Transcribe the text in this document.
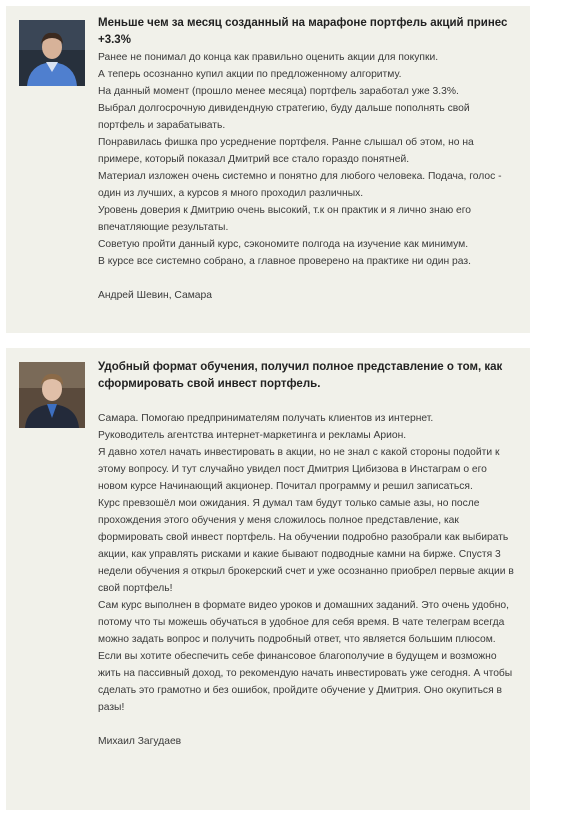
Меньше чем за месяц созданный на марафоне портфель акций принес +3.3%

Ранее не понимал до конца как правильно оценить акции для покупки.

А теперь осознанно купил акции по предложенному алгоритму.

На данный момент (прошло менее месяца) портфель заработал уже 3.3%.

Выбрал долгосрочную дивидендную стратегию, буду дальше пополнять свой портфель и зарабатывать.

Понравилась фишка про усреднение портфеля. Ранне слышал об этом, но на примере, который показал Дмитрий все стало гораздо понятней.

Материал изложен очень системно и понятно для любого человека. Подача, голос - один из лучших, а курсов я много проходил различных.

Уровень доверия к Дмитрию очень высокий, т.к он практик и я лично знаю его впечатляющие результаты.

Советую пройти данный курс, сэкономите полгода на изучение как минимум.

В курсе все системно собрано, а главное проверено на практике ни один раз.

Андрей Шевин, Самара

Удобный формат обучения, получил полное представление о том, как сформировать свой инвест портфель.

Самара. Помогаю предпринимателям получать клиентов из интернет.

Руководитель агентства интернет-маркетинга и рекламы Арион.

Я давно хотел начать инвестировать в акции, но не знал с какой стороны подойти к этому вопросу. И тут случайно увидел пост Дмитрия Цибизова в Инстаграм о его новом курсе Начинающий акционер. Почитал программу и решил записаться.

Курс превзошёл мои ожидания. Я думал там будут только самые азы, но после прохождения этого обучения у меня сложилось полное представление, как формировать свой инвест портфель. На обучении подробно разобрали как выбирать акции, как управлять рисками и какие бывают подводные камни на бирже. Спустя 3 недели обучения я открыл брокерский счет и уже осознанно приобрел первые акции в свой портфель!

Сам курс выполнен в формате видео уроков и домашних заданий. Это очень удобно, потому что ты можешь обучаться в удобное для себя время. В чате телеграм всегда можно задать вопрос и получить подробный ответ, что является большим плюсом.

Если вы хотите обеспечить себе финансовое благополучие в будущем и возможно жить на пассивный доход, то рекомендую начать инвестировать уже сегодня. А чтобы сделать это грамотно и без ошибок, пройдите обучение у Дмитрия. Оно окупиться в разы!

Михаил Загудаев
